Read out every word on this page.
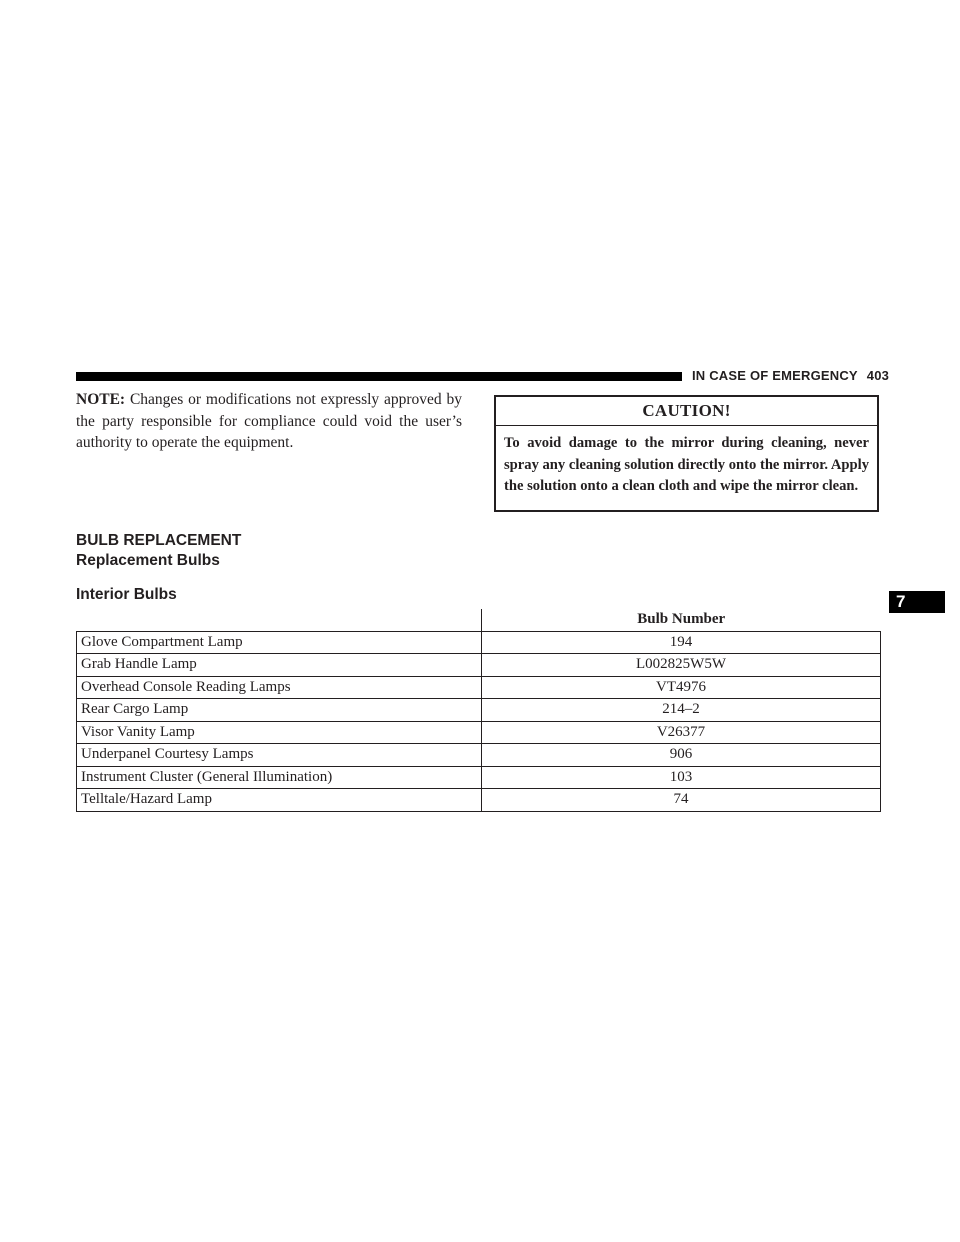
IN CASE OF EMERGENCY 403
NOTE: Changes or modifications not expressly approved by the party responsible for compliance could void the user’s authority to operate the equipment.
CAUTION!
To avoid damage to the mirror during cleaning, never spray any cleaning solution directly onto the mirror. Apply the solution onto a clean cloth and wipe the mirror clean.
BULB REPLACEMENT
Replacement Bulbs
Interior Bulbs
	Bulb Number
Glove Compartment Lamp	194
Grab Handle Lamp	L002825W5W
Overhead Console Reading Lamps	VT4976
Rear Cargo Lamp	214–2
Visor Vanity Lamp	V26377
Underpanel Courtesy Lamps	906
Instrument Cluster (General Illumination)	103
Telltale/Hazard Lamp	74
7
